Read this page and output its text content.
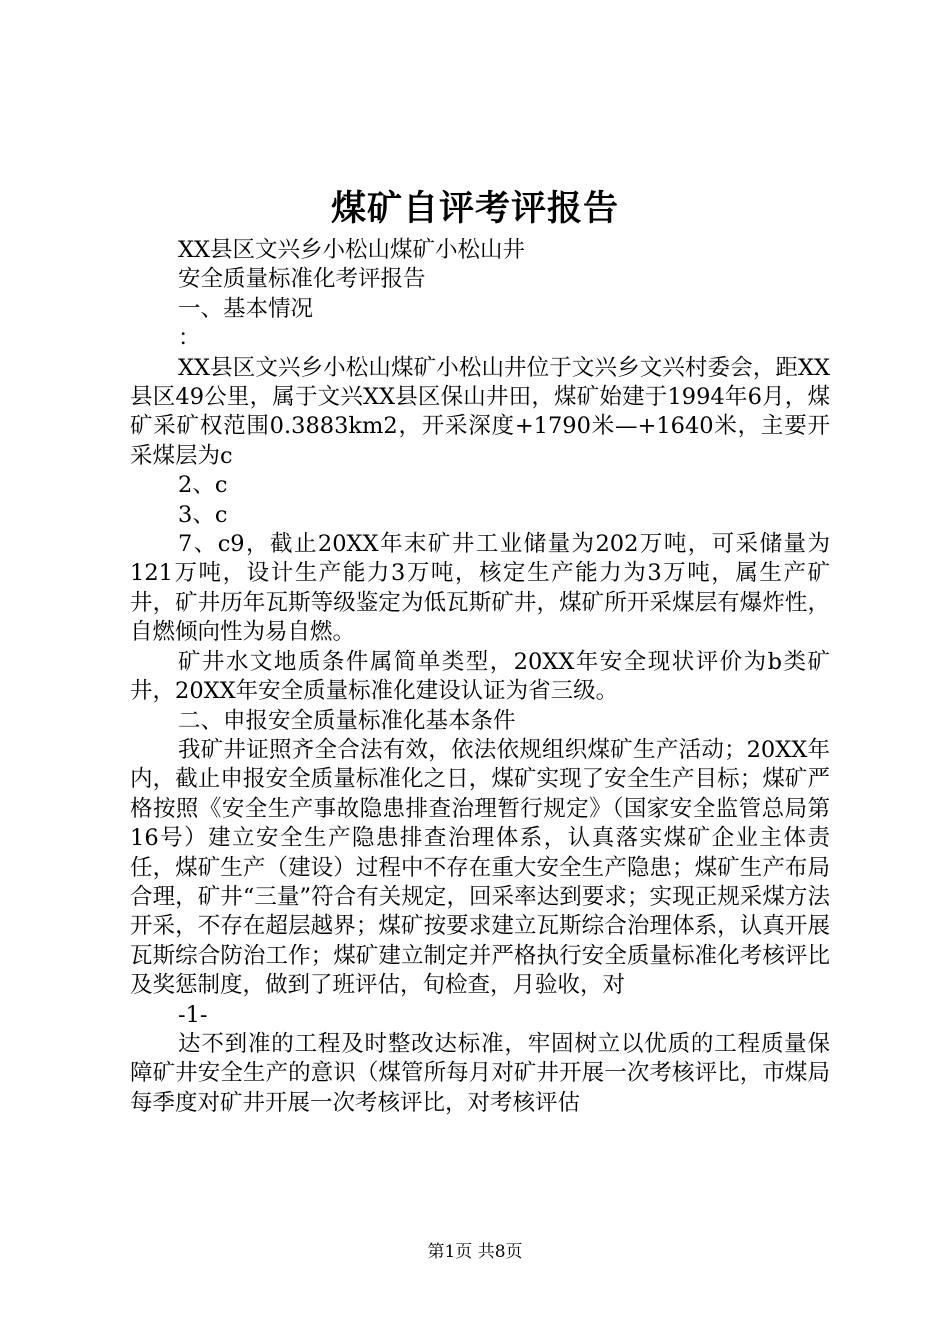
煤矿自评考评报告

XX县区文兴乡小松山煤矿小松山井

安全质量标准化考评报告

一、基本情况

：

XX县区文兴乡小松山煤矿小松山井位于文兴乡文兴村委会，距XX县区49公里，属于文兴XX县区保山井田，煤矿始建于1994年6月，煤矿采矿权范围0.3883km2，开采深度+1790米—+1640米，主要开采煤层为c

2、c

3、c

7、c9，截止20XX年末矿井工业储量为202万吨，可采储量为121万吨，设计生产能力3万吨，核定生产能力为3万吨，属生产矿井，矿井历年瓦斯等级鉴定为低瓦斯矿井，煤矿所开采煤层有爆炸性，自燃倾向性为易自燃。

矿井水文地质条件属简单类型，20XX年安全现状评价为b类矿井，20XX年安全质量标准化建设认证为省三级。

二、申报安全质量标准化基本条件

我矿井证照齐全合法有效，依法依规组织煤矿生产活动；20XX年内，截止申报安全质量标准化之日，煤矿实现了安全生产目标；煤矿严格按照《安全生产事故隐患排查治理暂行规定》（国家安全监管总局第16号）建立安全生产隐患排查治理体系，认真落实煤矿企业主体责任，煤矿生产（建设）过程中不存在重大安全生产隐患；煤矿生产布局合理，矿井“三量”符合有关规定，回采率达到要求；实现正规采煤方法开采，不存在超层越界；煤矿按要求建立瓦斯综合治理体系，认真开展瓦斯综合防治工作；煤矿建立制定并严格执行安全质量标准化考核评比及奖惩制度，做到了班评估，旬检查，月验收，对

-1-

达不到准的工程及时整改达标准，牢固树立以优质的工程质量保障矿井安全生产的意识（煤管所每月对矿井开展一次考核评比，市煤局每季度对矿井开展一次考核评比，对考核评估

第1页 共8页
